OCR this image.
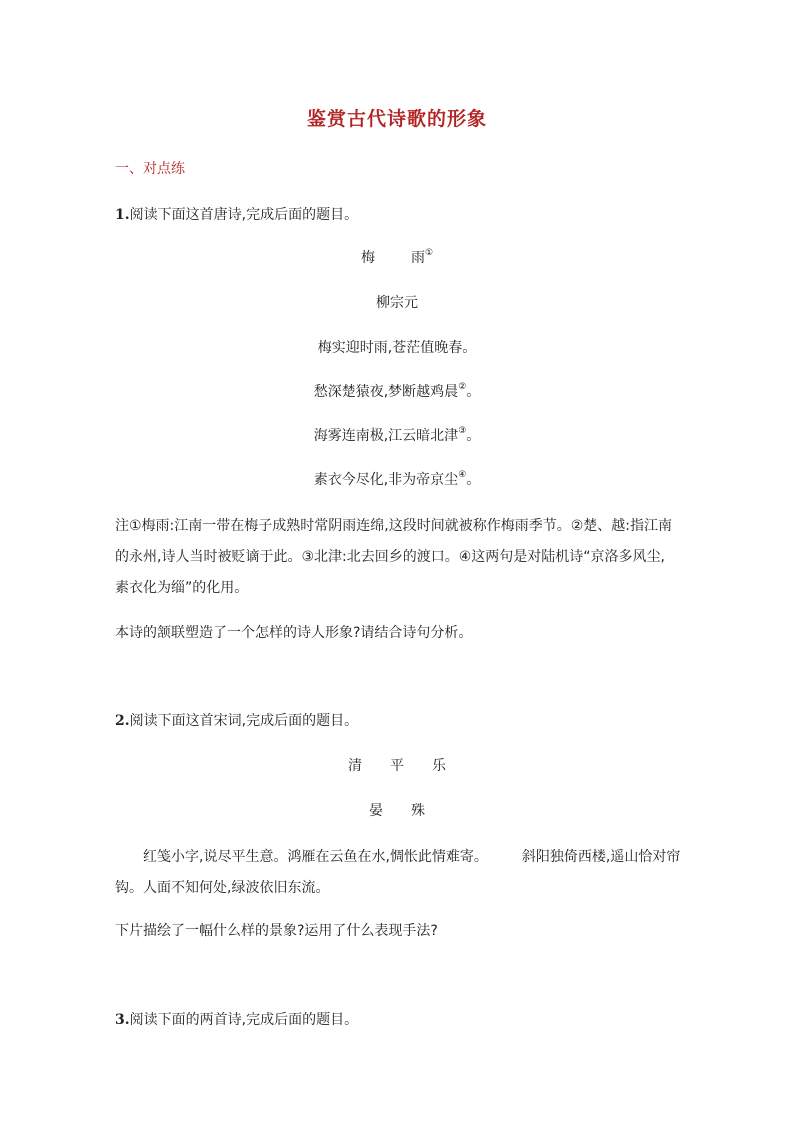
鉴赏古代诗歌的形象
一、对点练
1.阅读下面这首唐诗,完成后面的题目。
梅	雨①
柳宗元
梅实迎时雨,苍茫值晚春。
愁深楚猿夜,梦断越鸡晨②。
海雾连南极,江云暗北津③。
素衣今尽化,非为帝京尘④。
注①梅雨:江南一带在梅子成熟时常阴雨连绵,这段时间就被称作梅雨季节。②楚、越:指江南
的永州,诗人当时被贬谪于此。③北津:北去回乡的渡口。④这两句是对陆机诗“京洛多风尘,
素衣化为缁”的化用。
本诗的颔联塑造了一个怎样的诗人形象?请结合诗句分析。
2.阅读下面这首宋词,完成后面的题目。
清 平 乐
晏 殊
红笺小字,说尽平生意。鸿雁在云鱼在水,惆怅此情难寄。 斜阳独倚西楼,遥山恰对帘
钩。人面不知何处,绿波依旧东流。
下片描绘了一幅什么样的景象?运用了什么表现手法?
3.阅读下面的两首诗,完成后面的题目。
